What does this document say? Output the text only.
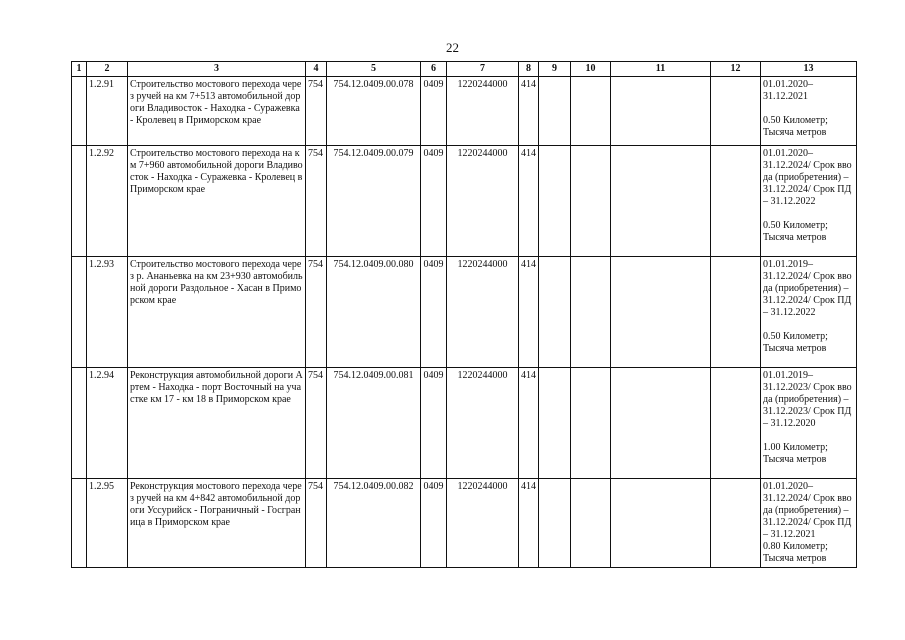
22
1	2	3	4	5	6	7	8	9	10	11	12	13
	1.2.91	Строительство мостового перехода через ручей на км 7+513 автомобильной дороги Владивосток - Находка - Суражевка - Кролевец в Приморском крае	754	754.12.0409.00.078	0409	1220244000	414					01.01.2020–
31.12.2021
0.50 Километр;
Тысяча метров

	1.2.92	Строительство мостового перехода на км 7+960 автомобильной дороги Владивосток - Находка - Суражевка - Кролевец в Приморском крае	754	754.12.0409.00.079	0409	1220244000	414					01.01.2020–
31.12.2024/ Срок ввода (приобретения) – 31.12.2024/ Срок ПД – 31.12.2022
0.50 Километр;
Тысяча метров

	1.2.93	Строительство мостового перехода через р. Ананьевка на км 23+930 автомобильной дороги Раздольное - Хасан в Приморском крае	754	754.12.0409.00.080	0409	1220244000	414					01.01.2019–
31.12.2024/ Срок ввода (приобретения) – 31.12.2024/ Срок ПД – 31.12.2022
0.50 Километр;
Тысяча метров

	1.2.94	Реконструкция автомобильной дороги Артем - Находка - порт Восточный на участке км 17 - км 18 в Приморском крае	754	754.12.0409.00.081	0409	1220244000	414					01.01.2019–
31.12.2023/ Срок ввода (приобретения) – 31.12.2023/ Срок ПД – 31.12.2020
1.00 Километр;
Тысяча метров

	1.2.95	Реконструкция мостового перехода через ручей на км 4+842 автомобильной дороги Уссурийск - Пограничный - Госграница в Приморском крае	754	754.12.0409.00.082	0409	1220244000	414					01.01.2020–
31.12.2024/ Срок ввода (приобретения) – 31.12.2024/ Срок ПД – 31.12.2021
0.80 Километр;
Тысяча метров
